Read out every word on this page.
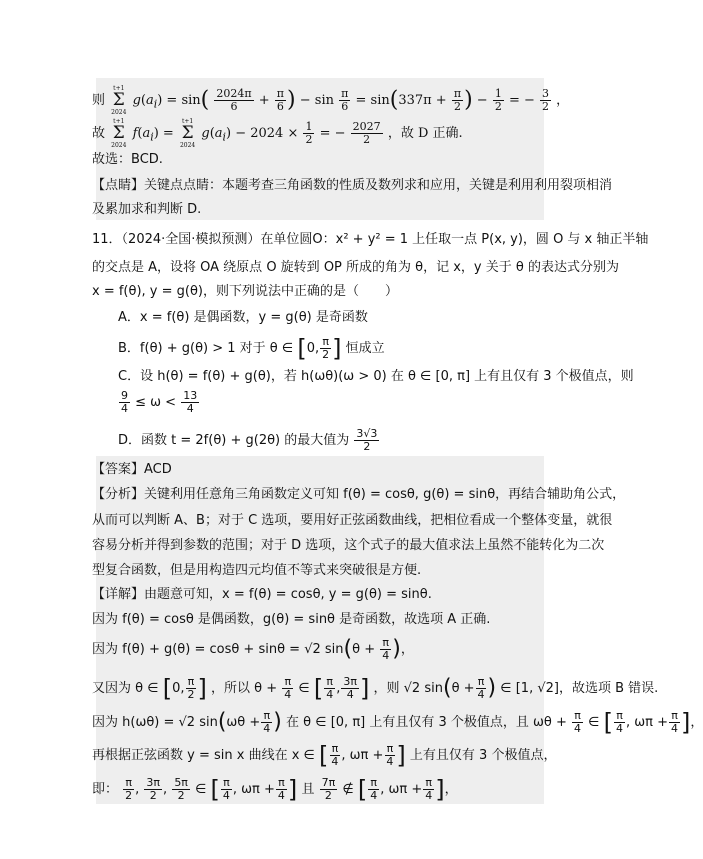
则
t+1
Σ
2024
$g(a_i) = \sin( \frac{2024\pi}{6} + \frac{\pi}{6}$ ) − $\sin \frac{\pi}{6} = \sin(337\pi + \frac{\pi}{2}$ ) − $\frac{1}{2}$ = − $\frac{3}{2}$ ，
故
t+1
Σ
2024
$f(a_i)$ =
t+1
Σ
2024
$g(a_i) - 2024 \times \frac{1}{2}$ = − $\frac{2027}{2}$ ，故 D 正确.
故选：BCD.
【点睛】关键点点睛：本题考查三角函数的性质及数列求和应用，关键是利用利用裂项相消
及累加求和判断 D.
11．（2024·全国·模拟预测）在单位圆O：x² + y² = 1 上任取一点 P(x, y)，圆 O 与 x 轴正半轴
的交点是 A，设将 OA 绕原点 O 旋转到 OP 所成的角为 θ，记 x，y 关于 θ 的表达式分别为
x = f(θ), y = g(θ)，则下列说法中正确的是（　　）
A．x = f(θ) 是偶函数，y = g(θ) 是奇函数
B．f(θ) + g(θ) > 1 对于 θ ∈ [0, $\frac{\pi}{2}$ ] 恒成立
C．设 h(θ) = f(θ) + g(θ)，若 h(ωθ)(ω > 0) 在 θ ∈ [0, π] 上有且仅有 3 个极值点，则
$\frac{9}{4} \le \omega < \frac{13}{4}$
D．函数 t = 2f(θ) + g(2θ) 的最大值为 $\frac{3√3}{2}$
【答案】ACD
【分析】关键利用任意角三角函数定义可知 f(θ) = cosθ, g(θ) = sinθ，再结合辅助角公式，
从而可以判断 A、B；对于 C 选项，要用好正弦函数曲线，把相位看成一个整体变量，就很
容易分析并得到参数的范围；对于 D 选项，这个式子的最大值求法上虽然不能转化为二次
型复合函数，但是用构造四元均值不等式来突破很是方便.
【详解】由题意可知，x = f(θ) = cosθ, y = g(θ) = sinθ.
因为 f(θ) = cosθ 是偶函数，g(θ) = sinθ 是奇函数，故选项 A 正确.
因为 f(θ) + g(θ) = cosθ + sinθ = √2 $\sin(\theta + \frac{\pi}{4}$ )，
又因为 θ ∈ [0, $\frac{\pi}{2}$ ] ，所以 $\theta + \frac{\pi}{4}$ ∈ [ $\frac{\pi}{4}$ , $\frac{3\pi}{4}$ ] ，则 √2 $\sin(\theta + \frac{\pi}{4}$ ) ∈ [1, √2]，故选项 B 错误.
因为 h(ωθ) = √2 $\sin(\omega\theta + \frac{\pi}{4}$ ) 在 θ ∈ [0, π] 上有且仅有 3 个极值点，且 $\omega\theta + \frac{\pi}{4}$ ∈ [ $\frac{\pi}{4}$ , $\omega\pi + \frac{\pi}{4}$ ]，
再根据正弦函数 y = sin x 曲线在 x ∈ [ $\frac{\pi}{4}$ , $\omega\pi + \frac{\pi}{4}$ ] 上有且仅有 3 个极值点，
即： $\frac{\pi}{2}$ , $\frac{3\pi}{2}$ , $\frac{5\pi}{2}$ ∈ [ $\frac{\pi}{4}$ , $\omega\pi + \frac{\pi}{4}$ ] 且 $\frac{7\pi}{2}$ ∉ [ $\frac{\pi}{4}$ , $\omega\pi + \frac{\pi}{4}$ ]，
